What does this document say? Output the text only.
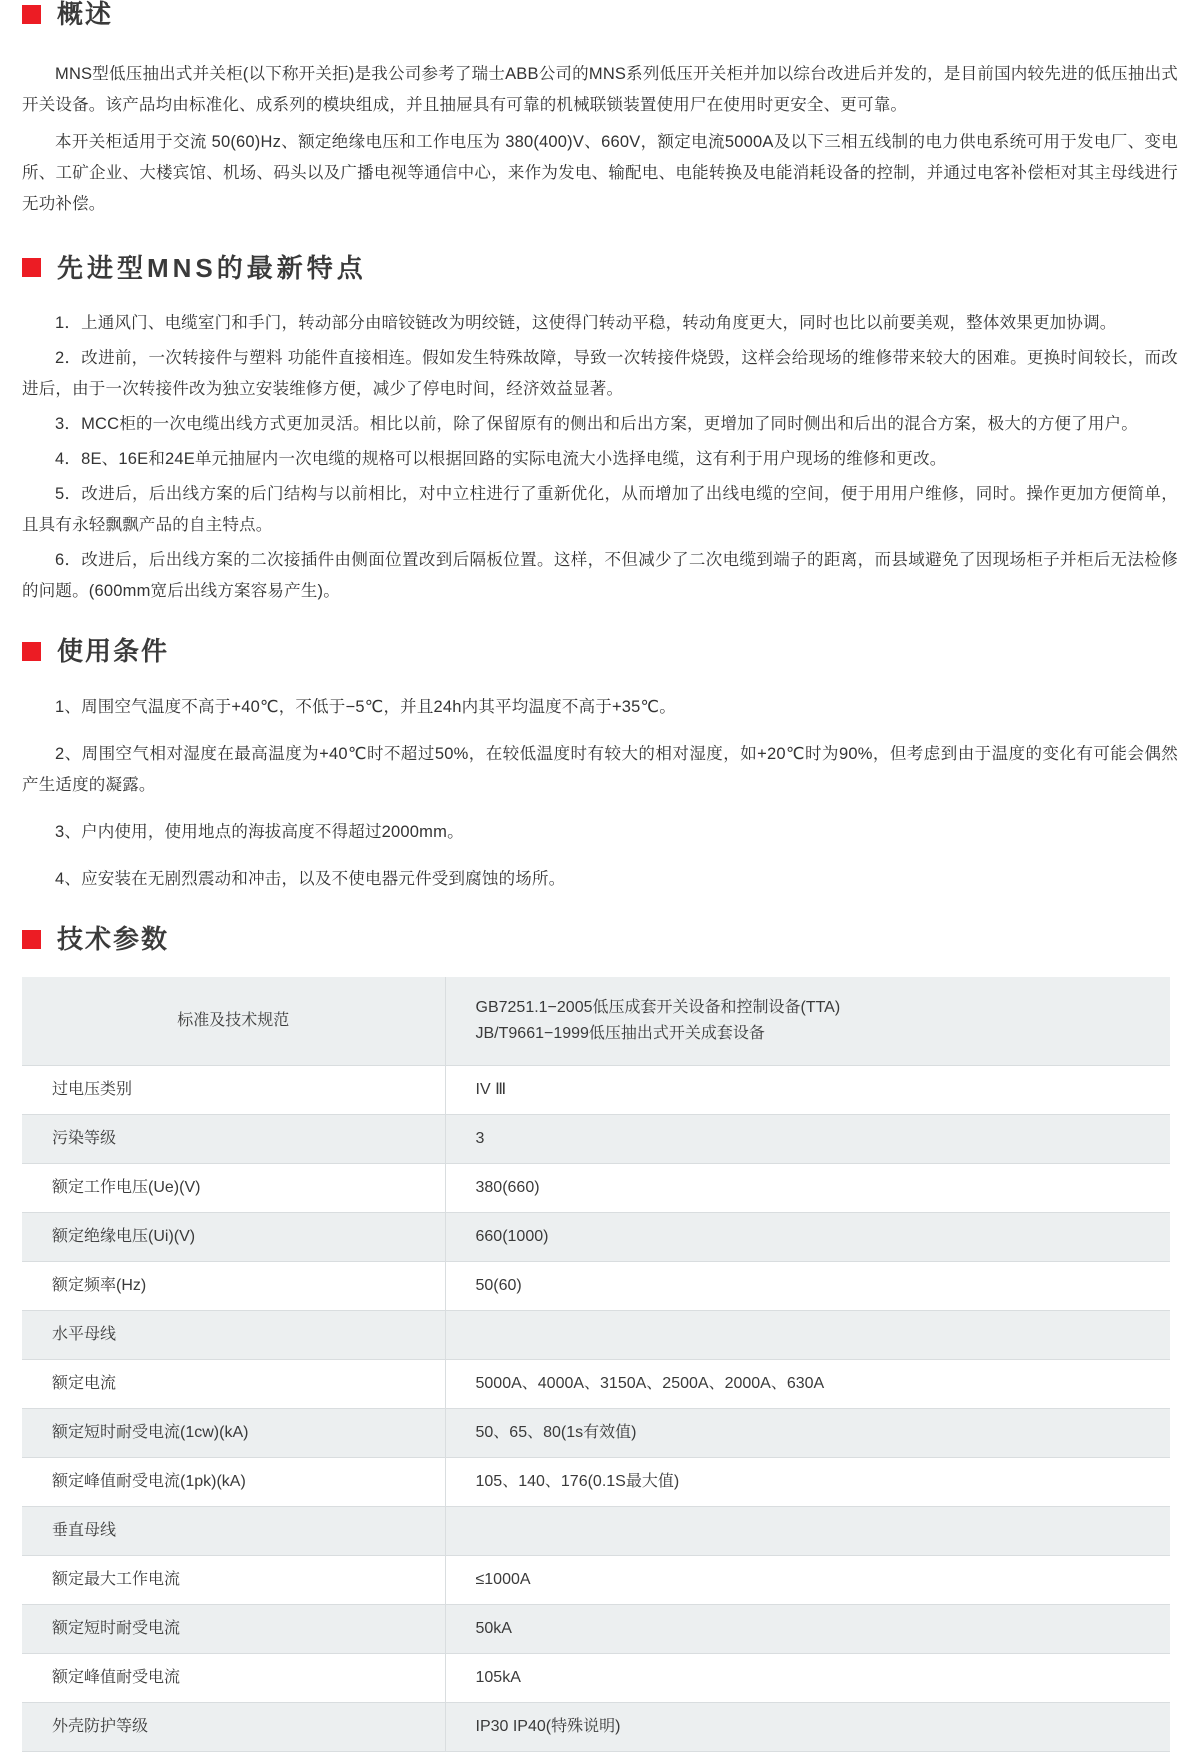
概述

MNS型低压抽出式并关柜(以下称开关拒)是我公司参考了瑞士ABB公司的MNS系列低压开关柜并加以综台改进后并发的，是目前国内较先进的低压抽出式开关设备。该产品均由标准化、成系列的模块组成，并且抽屉具有可靠的机械联锁装置使用尸在使用时更安全、更可靠。

本开关柜适用于交流 50(60)Hz、额定绝缘电压和工作电压为 380(400)V、660V，额定电流5000A及以下三相五线制的电力供电系统可用于发电厂、变电所、工矿企业、大楼宾馆、机场、码头以及广播电视等通信中心，来作为发电、输配电、电能转换及电能消耗设备的控制，并通过电客补偿柜对其主母线进行无功补偿。

先进型MNS的最新特点

1．上通风门、电缆室门和手门，转动部分由暗铰链改为明绞链，这使得门转动平稳，转动角度更大，同时也比以前要美观，整体效果更加协调。

2．改进前，一次转接件与塑料 功能件直接相连。假如发生特殊故障，导致一次转接件烧毁，这样会给现场的维修带来较大的困难。更换时间较长，而改进后，由于一次转接件改为独立安装维修方便，减少了停电时间，经济效益显著。

3．MCC柜的一次电缆出线方式更加灵活。相比以前，除了保留原有的侧出和后出方案，更增加了同时侧出和后出的混合方案，极大的方便了用户。

4．8E、16E和24E单元抽屉内一次电缆的规格可以根据回路的实际电流大小选择电缆，这有利于用户现场的维修和更改。

5．改进后，后出线方案的后门结构与以前相比，对中立柱进行了重新优化，从而增加了出线电缆的空间，便于用用户维修，同时。操作更加方便简单，且具有永轻飘飘产品的自主特点。

6．改进后，后出线方案的二次接插件由侧面位置改到后隔板位置。这样，不但减少了二次电缆到端子的距离，而县域避免了因现场柜子并柜后无法检修的问题。(600mm宽后出线方案容易产生)。

使用条件

1、周围空气温度不高于+40℃，不低于−5℃，并且24h内其平均温度不高于+35℃。

2、周围空气相对湿度在最高温度为+40℃时不超过50%，在较低温度时有较大的相对湿度，如+20℃时为90%，但考虑到由于温度的变化有可能会偶然产生适度的凝露。

3、户内使用，使用地点的海拔高度不得超过2000mm。

4、应安装在无剧烈震动和冲击，以及不使电器元件受到腐蚀的场所。

技术参数
标准及技术规范	GB7251.1−2005低压成套开关设备和控制设备(TTA)
JB/T9661−1999低压抽出式开关成套设备

过电压类别	IV Ⅲ
污染等级	3
额定工作电压(Ue)(V)	380(660)
额定绝缘电压(Ui)(V)	660(1000)
额定频率(Hz)	50(60)
水平母线	
额定电流	5000A、4000A、3150A、2500A、2000A、630A
额定短时耐受电流(1cw)(kA)	50、65、80(1s有效值)
额定峰值耐受电流(1pk)(kA)	105、140、176(0.1S最大值)
垂直母线	
额定最大工作电流	≤1000A
额定短时耐受电流	50kA
额定峰值耐受电流	105kA
外壳防护等级	IP30 IP40(特殊说明)
